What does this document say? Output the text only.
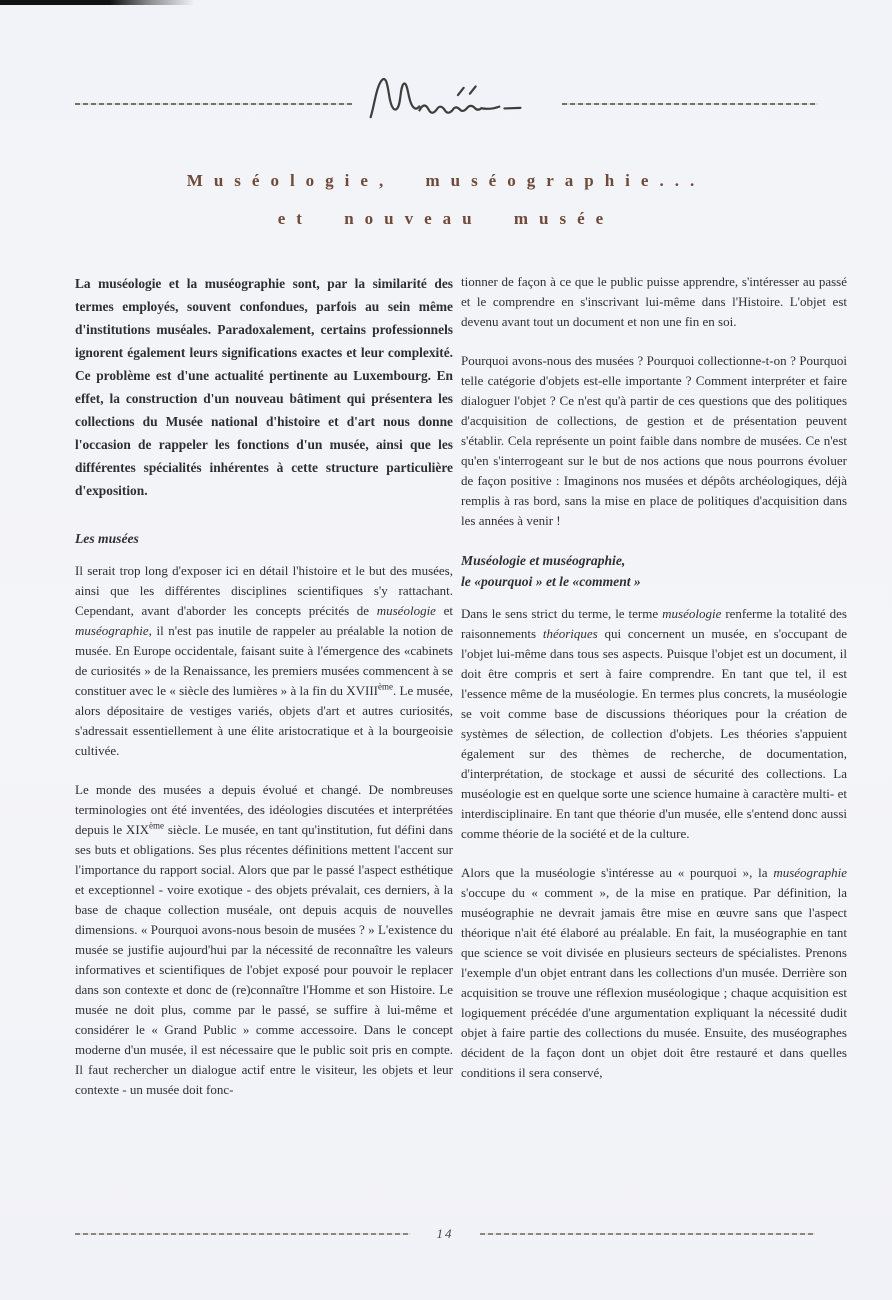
Muséologie, muséographie...
et nouveau musée

La muséologie et la muséographie sont, par la similarité des termes employés, souvent confondues, parfois au sein même d'institutions muséales. Paradoxalement, certains professionnels ignorent également leurs significations exactes et leur complexité. Ce problème est d'une actualité pertinente au Luxembourg. En effet, la construction d'un nouveau bâtiment qui présentera les collections du Musée national d'histoire et d'art nous donne l'occasion de rappeler les fonctions d'un musée, ainsi que les différentes spécialités inhérentes à cette structure particulière d'exposition.

Les musées

Il serait trop long d'exposer ici en détail l'histoire et le but des musées, ainsi que les différentes disciplines scientifiques s'y rattachant. Cependant, avant d'aborder les concepts précités de muséologie et muséographie, il n'est pas inutile de rappeler au préalable la notion de musée. En Europe occidentale, faisant suite à l'émergence des «cabinets de curiosités » de la Renaissance, les premiers musées commencent à se constituer avec le « siècle des lumières » à la fin du XVIIIème. Le musée, alors dépositaire de vestiges variés, objets d'art et autres curiosités, s'adressait essentiellement à une élite aristocratique et à la bourgeoisie cultivée.

Le monde des musées a depuis évolué et changé. De nombreuses terminologies ont été inventées, des idéologies discutées et interprétées depuis le XIXème siècle. Le musée, en tant qu'institution, fut défini dans ses buts et obligations. Ses plus récentes définitions mettent l'accent sur l'importance du rapport social. Alors que par le passé l'aspect esthétique et exceptionnel - voire exotique - des objets prévalait, ces derniers, à la base de chaque collection muséale, ont depuis acquis de nouvelles dimensions. « Pourquoi avons-nous besoin de musées ? » L'existence du musée se justifie aujourd'hui par la nécessité de reconnaître les valeurs informatives et scientifiques de l'objet exposé pour pouvoir le replacer dans son contexte et donc de (re)connaître l'Homme et son Histoire. Le musée ne doit plus, comme par le passé, se suffire à lui-même et considérer le « Grand Public » comme accessoire. Dans le concept moderne d'un musée, il est nécessaire que le public soit pris en compte. Il faut rechercher un dialogue actif entre le visiteur, les objets et leur contexte - un musée doit fonc-

tionner de façon à ce que le public puisse apprendre, s'intéresser au passé et le comprendre en s'inscrivant lui-même dans l'Histoire. L'objet est devenu avant tout un document et non une fin en soi.

Pourquoi avons-nous des musées ? Pourquoi collectionne-t-on ? Pourquoi telle catégorie d'objets est-elle importante ? Comment interpréter et faire dialoguer l'objet ? Ce n'est qu'à partir de ces questions que des politiques d'acquisition de collections, de gestion et de présentation peuvent s'établir. Cela représente un point faible dans nombre de musées. Ce n'est qu'en s'interrogeant sur le but de nos actions que nous pourrons évoluer de façon positive : Imaginons nos musées et dépôts archéologiques, déjà remplis à ras bord, sans la mise en place de politiques d'acquisition dans les années à venir !

Muséologie et muséographie,
le «pourquoi » et le «comment »

Dans le sens strict du terme, le terme muséologie renferme la totalité des raisonnements théoriques qui concernent un musée, en s'occupant de l'objet lui-même dans tous ses aspects. Puisque l'objet est un document, il doit être compris et sert à faire comprendre. En tant que tel, il est l'essence même de la muséologie. En termes plus concrets, la muséologie se voit comme base de discussions théoriques pour la création de systèmes de sélection, de collection d'objets. Les théories s'appuient également sur des thèmes de recherche, de documentation, d'interprétation, de stockage et aussi de sécurité des collections. La muséologie est en quelque sorte une science humaine à caractère multi- et interdisciplinaire. En tant que théorie d'un musée, elle s'entend donc aussi comme théorie de la société et de la culture.

Alors que la muséologie s'intéresse au « pourquoi », la muséographie s'occupe du « comment », de la mise en pratique. Par définition, la muséographie ne devrait jamais être mise en œuvre sans que l'aspect théorique n'ait été élaboré au préalable. En fait, la muséographie en tant que science se voit divisée en plusieurs secteurs de spécialistes. Prenons l'exemple d'un objet entrant dans les collections d'un musée. Derrière son acquisition se trouve une réflexion muséologique ; chaque acquisition est logiquement précédée d'une argumentation expliquant la nécessité dudit objet à faire partie des collections du musée. Ensuite, des muséographes décident de la façon dont un objet doit être restauré et dans quelles conditions il sera conservé,

14
